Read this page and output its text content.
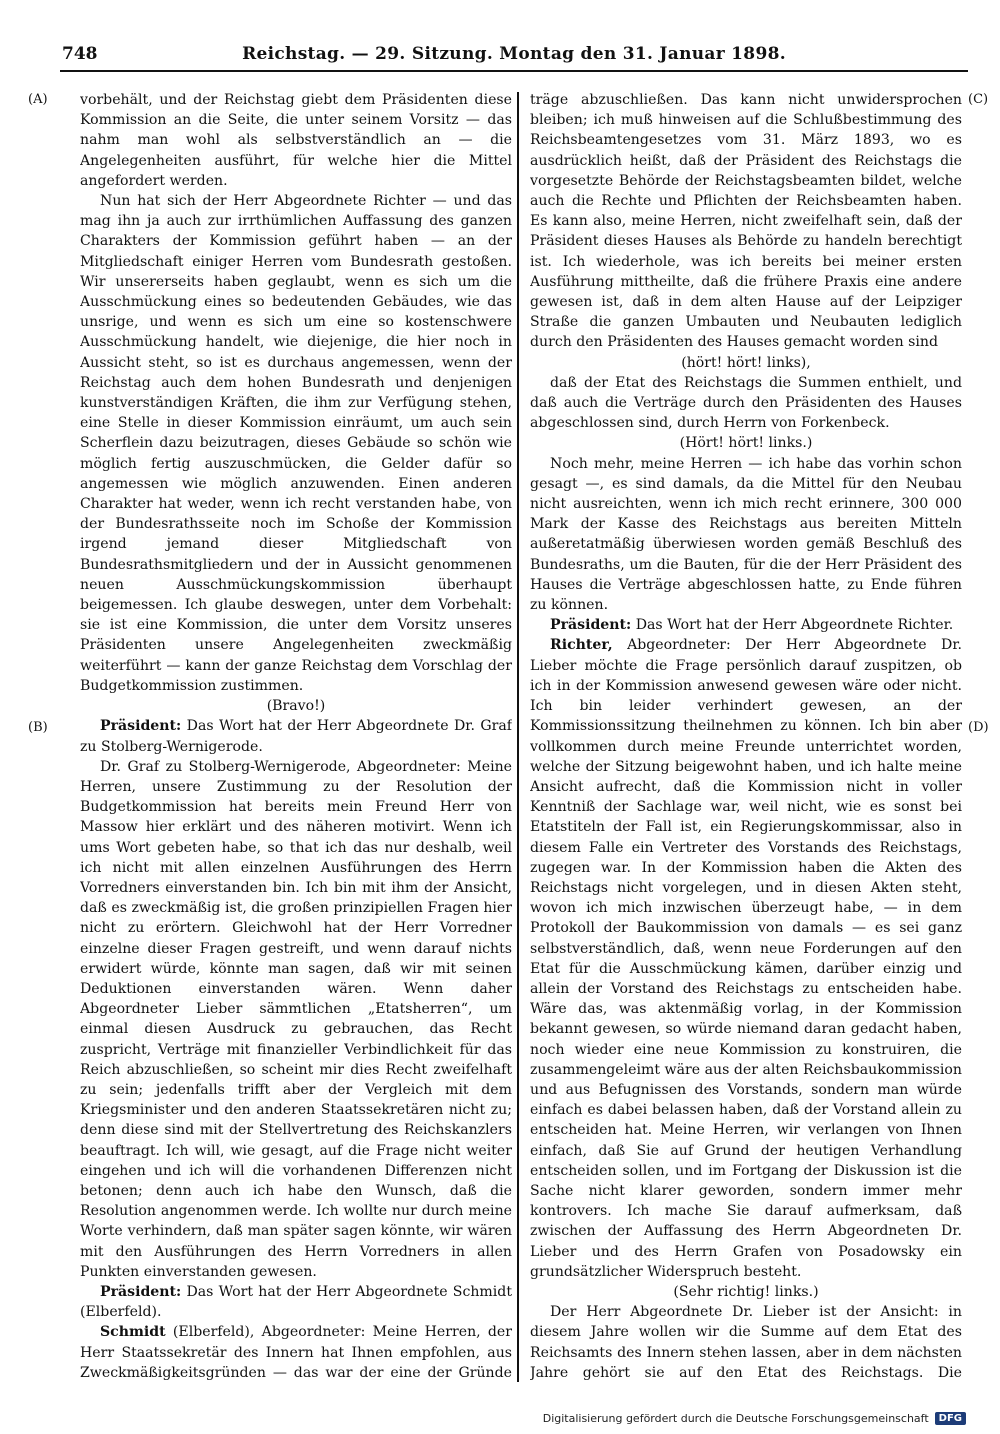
748	Reichstag. — 29. Sitzung. Montag den 31. Januar 1898.
(A)
(B)
(C)
(D)

vorbehält, und der Reichstag giebt dem Präsidenten diese Kommission an die Seite, die unter seinem Vorsitz — das nahm man wohl als selbstverständlich an — die Angelegenheiten ausführt, für welche hier die Mittel angefordert werden.

Nun hat sich der Herr Abgeordnete Richter — und das mag ihn ja auch zur irrthümlichen Auffassung des ganzen Charakters der Kommission geführt haben — an der Mitgliedschaft einiger Herren vom Bundesrath gestoßen. Wir unsererseits haben geglaubt, wenn es sich um die Ausschmückung eines so bedeutenden Gebäudes, wie das unsrige, und wenn es sich um eine so kostenschwere Ausschmückung handelt, wie diejenige, die hier noch in Aussicht steht, so ist es durchaus angemessen, wenn der Reichstag auch dem hohen Bundesrath und denjenigen kunstverständigen Kräften, die ihm zur Verfügung stehen, eine Stelle in dieser Kommission einräumt, um auch sein Scherflein dazu beizutragen, dieses Gebäude so schön wie möglich fertig auszuschmücken, die Gelder dafür so angemessen wie möglich anzuwenden. Einen anderen Charakter hat weder, wenn ich recht verstanden habe, von der Bundesrathsseite noch im Schoße der Kommission irgend jemand dieser Mitgliedschaft von Bundesrathsmitgliedern und der in Aussicht genommenen neuen Ausschmückungskommission überhaupt beigemessen. Ich glaube deswegen, unter dem Vorbehalt: sie ist eine Kommission, die unter dem Vorsitz unseres Präsidenten unsere Angelegenheiten zweckmäßig weiterführt — kann der ganze Reichstag dem Vorschlag der Budgetkommission zustimmen.

(Bravo!)

Präsident: Das Wort hat der Herr Abgeordnete Dr. Graf zu Stolberg-Wernigerode.

Dr. Graf zu Stolberg-Wernigerode, Abgeordneter: Meine Herren, unsere Zustimmung zu der Resolution der Budgetkommission hat bereits mein Freund Herr von Massow hier erklärt und des näheren motivirt. Wenn ich ums Wort gebeten habe, so that ich das nur deshalb, weil ich nicht mit allen einzelnen Ausführungen des Herrn Vorredners einverstanden bin. Ich bin mit ihm der Ansicht, daß es zweckmäßig ist, die großen prinzipiellen Fragen hier nicht zu erörtern. Gleichwohl hat der Herr Vorredner einzelne dieser Fragen gestreift, und wenn darauf nichts erwidert würde, könnte man sagen, daß wir mit seinen Deduktionen einverstanden wären. Wenn daher Abgeordneter Lieber sämmtlichen „Etatsherren“, um einmal diesen Ausdruck zu gebrauchen, das Recht zuspricht, Verträge mit finanzieller Verbindlichkeit für das Reich abzuschließen, so scheint mir dies Recht zweifelhaft zu sein; jedenfalls trifft aber der Vergleich mit dem Kriegsminister und den anderen Staatssekretären nicht zu; denn diese sind mit der Stellvertretung des Reichskanzlers beauftragt. Ich will, wie gesagt, auf die Frage nicht weiter eingehen und ich will die vorhandenen Differenzen nicht betonen; denn auch ich habe den Wunsch, daß die Resolution angenommen werde. Ich wollte nur durch meine Worte verhindern, daß man später sagen könnte, wir wären mit den Ausführungen des Herrn Vorredners in allen Punkten einverstanden gewesen.

Präsident: Das Wort hat der Herr Abgeordnete Schmidt (Elberfeld).

Schmidt (Elberfeld), Abgeordneter: Meine Herren, der Herr Staatssekretär des Innern hat Ihnen empfohlen, aus Zweckmäßigkeitsgründen — das war der eine der Gründe

träge abzuschließen. Das kann nicht unwidersprochen bleiben; ich muß hinweisen auf die Schlußbestimmung des Reichsbeamtengesetzes vom 31. März 1893, wo es ausdrücklich heißt, daß der Präsident des Reichstags die vorgesetzte Behörde der Reichstagsbeamten bildet, welche auch die Rechte und Pflichten der Reichsbeamten haben. Es kann also, meine Herren, nicht zweifelhaft sein, daß der Präsident dieses Hauses als Behörde zu handeln berechtigt ist. Ich wiederhole, was ich bereits bei meiner ersten Ausführung mittheilte, daß die frühere Praxis eine andere gewesen ist, daß in dem alten Hause auf der Leipziger Straße die ganzen Umbauten und Neubauten lediglich durch den Präsidenten des Hauses gemacht worden sind

(hört! hört! links),

daß der Etat des Reichstags die Summen enthielt, und daß auch die Verträge durch den Präsidenten des Hauses abgeschlossen sind, durch Herrn von Forkenbeck.

(Hört! hört! links.)

Noch mehr, meine Herren — ich habe das vorhin schon gesagt —, es sind damals, da die Mittel für den Neubau nicht ausreichten, wenn ich mich recht erinnere, 300 000 Mark der Kasse des Reichstags aus bereiten Mitteln außeretatmäßig überwiesen worden gemäß Beschluß des Bundesraths, um die Bauten, für die der Herr Präsident des Hauses die Verträge abgeschlossen hatte, zu Ende führen zu können.

Präsident: Das Wort hat der Herr Abgeordnete Richter.

Richter, Abgeordneter: Der Herr Abgeordnete Dr. Lieber möchte die Frage persönlich darauf zuspitzen, ob ich in der Kommission anwesend gewesen wäre oder nicht. Ich bin leider verhindert gewesen, an der Kommissionssitzung theilnehmen zu können. Ich bin aber vollkommen durch meine Freunde unterrichtet worden, welche der Sitzung beigewohnt haben, und ich halte meine Ansicht aufrecht, daß die Kommission nicht in voller Kenntniß der Sachlage war, weil nicht, wie es sonst bei Etatstiteln der Fall ist, ein Regierungskommissar, also in diesem Falle ein Vertreter des Vorstands des Reichstags, zugegen war. In der Kommission haben die Akten des Reichstags nicht vorgelegen, und in diesen Akten steht, wovon ich mich inzwischen überzeugt habe, — in dem Protokoll der Baukommission von damals — es sei ganz selbstverständlich, daß, wenn neue Forderungen auf den Etat für die Ausschmückung kämen, darüber einzig und allein der Vorstand des Reichstags zu entscheiden habe. Wäre das, was aktenmäßig vorlag, in der Kommission bekannt gewesen, so würde niemand daran gedacht haben, noch wieder eine neue Kommission zu konstruiren, die zusammengeleimt wäre aus der alten Reichsbaukommission und aus Befugnissen des Vorstands, sondern man würde einfach es dabei belassen haben, daß der Vorstand allein zu entscheiden hat. Meine Herren, wir verlangen von Ihnen einfach, daß Sie auf Grund der heutigen Verhandlung entscheiden sollen, und im Fortgang der Diskussion ist die Sache nicht klarer geworden, sondern immer mehr kontrovers. Ich mache Sie darauf aufmerksam, daß zwischen der Auffassung des Herrn Abgeordneten Dr. Lieber und des Herrn Grafen von Posadowsky ein grundsätzlicher Widerspruch besteht.

(Sehr richtig! links.)

Der Herr Abgeordnete Dr. Lieber ist der Ansicht: in diesem Jahre wollen wir die Summe auf dem Etat des Reichsamts des Innern stehen lassen, aber in dem nächsten Jahre gehört sie auf den Etat des Reichstags. Die

Digitalisierung gefördert durch die Deutsche Forschungsgemeinschaft	DFG
